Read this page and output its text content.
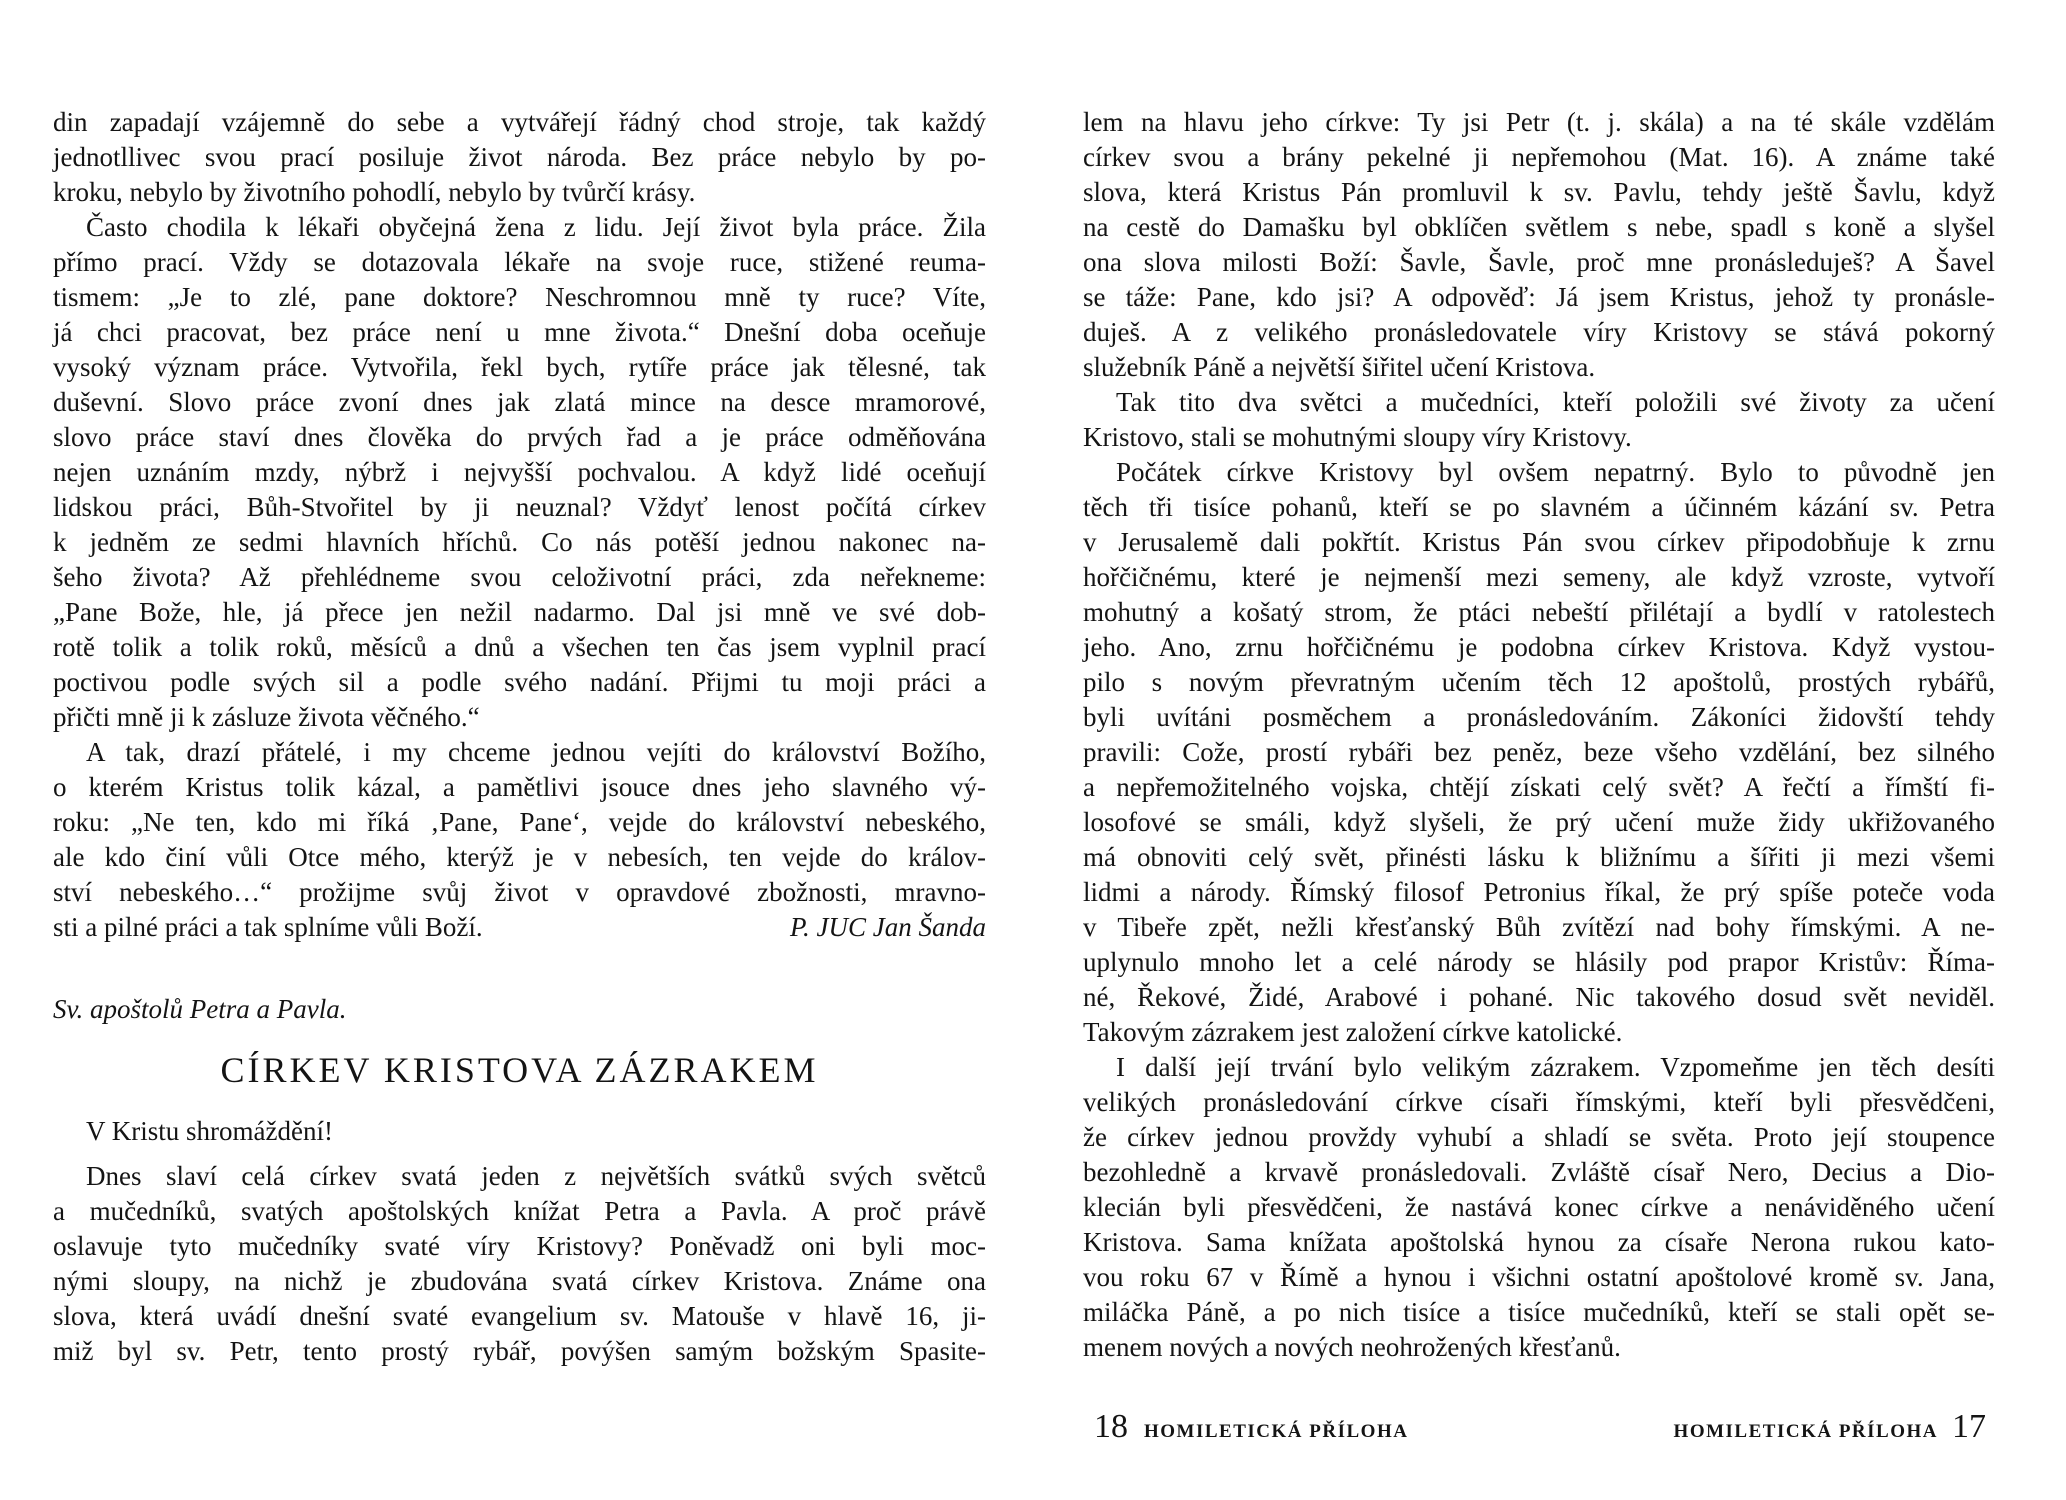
din zapadají vzájemně do sebe a vytvářejí řádný chod stroje, tak každý
jednotllivec svou prací posiluje život národa. Bez práce nebylo by po-
kroku, nebylo by životního pohodlí, nebylo by tvůrčí krásy.
Často chodila k lékaři obyčejná žena z lidu. Její život byla práce. Žila
přímo prací. Vždy se dotazovala lékaře na svoje ruce, stižené reuma-
tismem: „Je to zlé, pane doktore? Neschromnou mně ty ruce? Víte,
já chci pracovat, bez práce není u mne života.“ Dnešní doba oceňuje
vysoký význam práce. Vytvořila, řekl bych, rytíře práce jak tělesné, tak
duševní. Slovo práce zvoní dnes jak zlatá mince na desce mramorové,
slovo práce staví dnes člověka do prvých řad a je práce odměňována
nejen uznáním mzdy, nýbrž i nejvyšší pochvalou. A když lidé oceňují
lidskou práci, Bůh-Stvořitel by ji neuznal? Vždyť lenost počítá církev
k jedněm ze sedmi hlavních hříchů. Co nás potěší jednou nakonec na-
šeho života? Až přehlédneme svou celoživotní práci, zda neřekneme:
„Pane Bože, hle, já přece jen nežil nadarmo. Dal jsi mně ve své dob-
rotě tolik a tolik roků, měsíců a dnů a všechen ten čas jsem vyplnil prací
poctivou podle svých sil a podle svého nadání. Přijmi tu moji práci a
přičti mně ji k zásluze života věčného.“
A tak, drazí přátelé, i my chceme jednou vejíti do království Božího,
o kterém Kristus tolik kázal, a pamětlivi jsouce dnes jeho slavného vý-
roku: „Ne ten, kdo mi říká ‚Pane, Pane‘, vejde do království nebeského,
ale kdo činí vůli Otce mého, kterýž je v nebesích, ten vejde do králov-
ství nebeského…“ prožijme svůj život v opravdové zbožnosti, mravno-
sti a pilné práci a tak splníme vůli Boží.	P. JUC Jan Šanda
Sv. apoštolů Petra a Pavla.
CÍRKEV KRISTOVA ZÁZRAKEM
V Kristu shromáždění!
Dnes slaví celá církev svatá jeden z největších svátků svých světců
a mučedníků, svatých apoštolských knížat Petra a Pavla. A proč právě
oslavuje tyto mučedníky svaté víry Kristovy? Poněvadž oni byli moc-
nými sloupy, na nichž je zbudována svatá církev Kristova. Známe ona
slova, která uvádí dnešní svaté evangelium sv. Matouše v hlavě 16, ji-
miž byl sv. Petr, tento prostý rybář, povýšen samým božským Spasite-
lem na hlavu jeho církve: Ty jsi Petr (t. j. skála) a na té skále vzdělám
církev svou a brány pekelné ji nepřemohou (Mat. 16). A známe také
slova, která Kristus Pán promluvil k sv. Pavlu, tehdy ještě Šavlu, když
na cestě do Damašku byl obklíčen světlem s nebe, spadl s koně a slyšel
ona slova milosti Boží: Šavle, Šavle, proč mne pronásleduješ? A Šavel
se táže: Pane, kdo jsi? A odpověď: Já jsem Kristus, jehož ty pronásle-
duješ. A z velikého pronásledovatele víry Kristovy se stává pokorný
služebník Páně a největší šiřitel učení Kristova.
Tak tito dva světci a mučedníci, kteří položili své životy za učení
Kristovo, stali se mohutnými sloupy víry Kristovy.
Počátek církve Kristovy byl ovšem nepatrný. Bylo to původně jen
těch tři tisíce pohanů, kteří se po slavném a účinném kázání sv. Petra
v Jerusalemě dali pokřtít. Kristus Pán svou církev připodobňuje k zrnu
hořčičnému, které je nejmenší mezi semeny, ale když vzroste, vytvoří
mohutný a košatý strom, že ptáci nebeští přilétají a bydlí v ratolestech
jeho. Ano, zrnu hořčičnému je podobna církev Kristova. Když vystou-
pilo s novým převratným učením těch 12 apoštolů, prostých rybářů,
byli uvítáni posměchem a pronásledováním. Zákoníci židovští tehdy
pravili: Cože, prostí rybáři bez peněz, beze všeho vzdělání, bez silného
a nepřemožitelného vojska, chtějí získati celý svět? A řečtí a římští fi-
losofové se smáli, když slyšeli, že prý učení muže židy ukřižovaného
má obnoviti celý svět, přinésti lásku k bližnímu a šířiti ji mezi všemi
lidmi a národy. Římský filosof Petronius říkal, že prý spíše poteče voda
v Tibeře zpět, nežli křesťanský Bůh zvítězí nad bohy římskými. A ne-
uplynulo mnoho let a celé národy se hlásily pod prapor Kristův: Říma-
né, Řekové, Židé, Arabové i pohané. Nic takového dosud svět neviděl.
Takovým zázrakem jest založení církve katolické.
I další její trvání bylo velikým zázrakem. Vzpomeňme jen těch desíti
velikých pronásledování církve císaři římskými, kteří byli přesvědčeni,
že církev jednou provždy vyhubí a shladí se světa. Proto její stoupence
bezohledně a krvavě pronásledovali. Zvláště císař Nero, Decius a Dio-
klecián byli přesvědčeni, že nastává konec církve a nenáviděného učení
Kristova. Sama knížata apoštolská hynou za císaře Nerona rukou kato-
vou roku 67 v Římě a hynou i všichni ostatní apoštolové kromě sv. Jana,
miláčka Páně, a po nich tisíce a tisíce mučedníků, kteří se stali opět se-
menem nových a nových neohrožených křesťanů.
HOMILETICKÁ PŘÍLOHA 17
18 HOMILETICKÁ PŘÍLOHA
